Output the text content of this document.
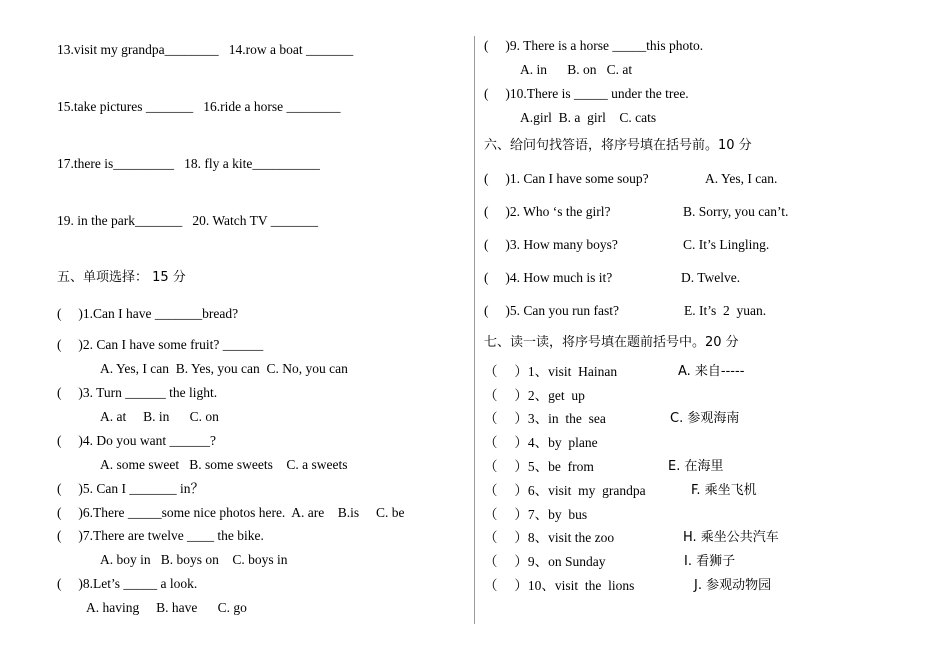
13.visit my grandpa________   14.row a boat _______
15.take pictures _______   16.ride a horse ________
17.there is_________   18. fly a kite__________
19. in the park_______   20. Watch TV _______
五、单项选择： 15 分
(     )1.Can I have _______bread?
(     )2. Can I have some fruit? ______
A. Yes, I can  B. Yes, you can  C. No, you can
(     )3. Turn ______ the light.
A. at     B. in      C. on
(     )4. Do you want ______?
A. some sweet   B. some sweets    C. a sweets
(     )5. Can I _______ in？
(     )6.There _____some nice photos here.  A. are    B.is     C. be
(     )7.There are twelve ____ the bike.
A. boy in   B. boys on    C. boys in
(     )8.Let’s _____ a look.
A. having     B. have      C. go
(     )9. There is a horse _____this photo.
A. in      B. on   C. at
(     )10.There is _____ under the tree.
A.girl  B. a  girl    C. cats
六、给问句找答语，将序号填在括号前。10 分
(     )1. Can I have some soup?	A. Yes, I can.
(     )2. Who ‘s the girl?	B. Sorry, you can’t.
(     )3. How many boys?	C. It’s Lingling.
(     )4. How much is it?	D. Twelve.
(     )5. Can you run fast?	E. It’s  2  yuan.
七、读一读，将序号填在题前括号中。20 分
（     ）1、visit  Hainan	A. 来自-----
（     ）2、get  up
（     ）3、in  the  sea	C. 参观海南
（     ）4、by  plane
（     ）5、be  from	E. 在海里
（     ）6、visit  my  grandpa	F. 乘坐飞机
（     ）7、by  bus
（     ）8、visit the zoo	H. 乘坐公共汽车
（     ）9、on Sunday	I. 看狮子
（     ）10、visit  the  lions	J. 参观动物园
